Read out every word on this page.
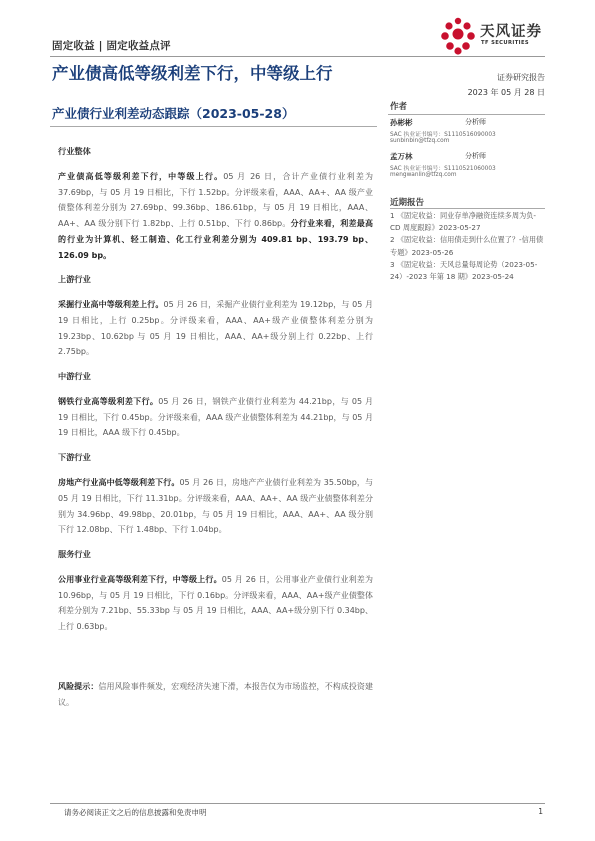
固定收益 | 固定收益点评
天风证券
TF SECURITIES
产业债高低等级利差下行，中等级上行	证券研究报告
2023 年 05 月 28 日
产业债行业利差动态跟踪（2023-05-28）	作者
孙彬彬	分析师
SAC 执业证书编号：S1110516090003
sunbinbin@tfzq.com
孟万林	分析师
SAC 执业证书编号：S1110521060003
mengwanlin@tfzq.com
近期报告
1 《固定收益：同业存单净融资连续多周为负-CD 周度跟踪》2023-05-27
2 《固定收益：信用债走到什么位置了？-信用债专题》2023-05-26
3 《固定收益：天风总量每周论势（2023-05-24）-2023 年第 18 期》2023-05-24
行业整体

产业债高低等级利差下行，中等级上行。05 月 26 日，合计产业债行业利差为 37.69bp，与 05 月 19 日相比，下行 1.52bp。分评级来看，AAA、AA+、AA 级产业债整体利差分别为 27.69bp、99.36bp、186.61bp，与 05 月 19 日相比，AAA、AA+、AA 级分别下行 1.82bp、上行 0.51bp、下行 0.86bp。分行业来看，利差最高的行业为计算机、轻工制造、化工行业利差分别为 409.81 bp、193.79 bp、126.09 bp。

上游行业

采掘行业高中等级利差上行。05 月 26 日，采掘产业债行业利差为 19.12bp，与 05 月 19 日相比，上行 0.25bp。分评级来看，AAA、AA+级产业债整体利差分别为 19.23bp、10.62bp 与 05 月 19 日相比，AAA、AA+级分别上行 0.22bp、上行 2.75bp。

中游行业

钢铁行业高等级利差下行。05 月 26 日，钢铁产业债行业利差为 44.21bp，与 05 月 19 日相比，下行 0.45bp。分评级来看，AAA 级产业债整体利差为 44.21bp，与 05 月 19 日相比，AAA 级下行 0.45bp。

下游行业

房地产行业高中低等级利差下行。05 月 26 日，房地产产业债行业利差为 35.50bp，与 05 月 19 日相比，下行 11.31bp。分评级来看，AAA、AA+、AA 级产业债整体利差分别为 34.96bp、49.98bp、20.01bp，与 05 月 19 日相比，AAA、AA+、AA 级分别下行 12.08bp、下行 1.48bp、下行 1.04bp。

服务行业

公用事业行业高等级利差下行，中等级上行。05 月 26 日，公用事业产业债行业利差为 10.96bp，与 05 月 19 日相比，下行 0.16bp。分评级来看，AAA、AA+级产业债整体利差分别为 7.21bp、55.33bp 与 05 月 19 日相比，AAA、AA+级分别下行 0.34bp、上行 0.63bp。

风险提示：信用风险事件频发，宏观经济失速下滑，本报告仅为市场监控，不构成投资建议。
请务必阅读正文之后的信息披露和免责申明	1
